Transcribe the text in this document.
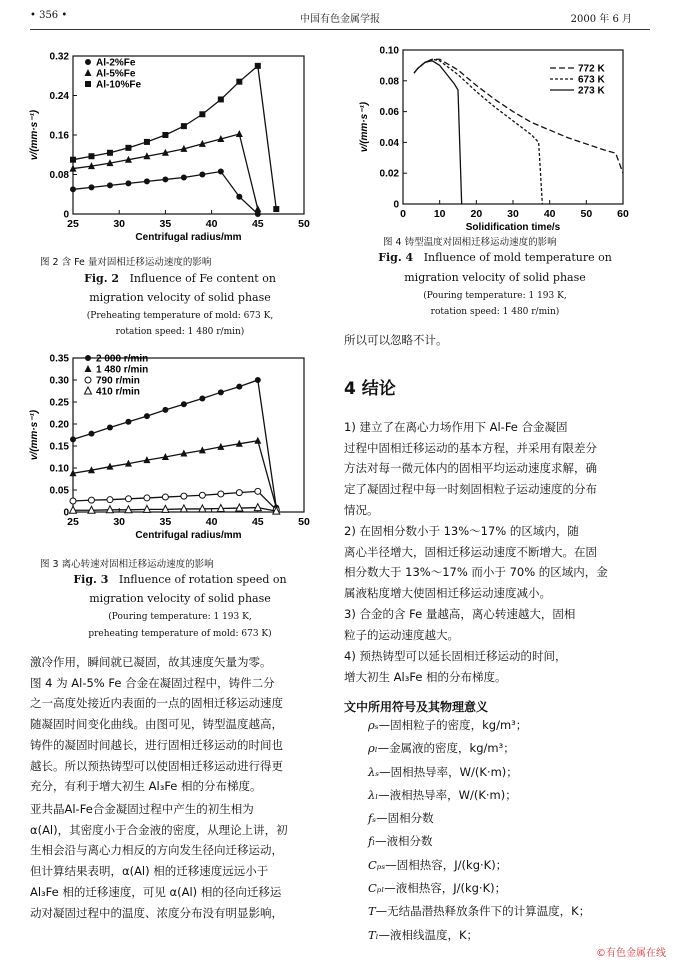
• 356 •	中国有色金属学报	2000 年 6 月
25	30	35	40	45	50
0
0.08
0.16
0.24
0.32
Centrifugal radius/mm
v/(mm·s⁻¹)
Al-2%Fe
Al-5%Fe
Al-10%Fe
图 2 含 Fe 量对固相迁移运动速度的影响
Fig. 2 Influence of Fe content on
migration velocity of solid phase
(Preheating temperature of mold: 673 K,
rotation speed: 1 480 r/min)
25	30	35	40	45	50
0
0.05
0.10
0.15
0.20
0.25
0.30
0.35
Centrifugal radius/mm
v/(mm·s⁻¹)
2 000 r/min
1 480 r/min
790 r/min
410 r/min
图 3 离心转速对固相迁移运动速度的影响
Fig. 3 Influence of rotation speed on
migration velocity of solid phase
(Pouring temperature: 1 193 K,
preheating temperature of mold: 673 K)
0	10 20 30 40 50 60
0
0.02
0.04
0.06
0.08
0.10
Solidification time/s
v/(mm·s⁻¹)
772 K
673 K
273 K
图 4 铸型温度对固相迁移运动速度的影响
Fig. 4 Influence of mold temperature on
migration velocity of solid phase
(Pouring temperature: 1 193 K,
rotation speed: 1 480 r/min)
激冷作用，瞬间就已凝固，故其速度矢量为零。
图 4 为 Al-5% Fe 合金在凝固过程中，铸件二分
之一高度处接近内表面的一点的固相迁移运动速度
随凝固时间变化曲线。由图可见，铸型温度越高，
铸件的凝固时间越长，进行固相迁移运动的时间也
越长。所以预热铸型可以使固相迁移运动进行得更
充分，有利于增大初生 Al₃Fe 相的分布梯度。
亚共晶Al-Fe合金凝固过程中产生的初生相为
α(Al)，其密度小于合金液的密度，从理论上讲，初
生相会沿与离心力相反的方向发生径向迁移运动，
但计算结果表明，α(Al) 相的迁移速度远远小于
Al₃Fe 相的迁移速度，可见 α(Al) 相的径向迁移运
动对凝固过程中的温度、浓度分布没有明显影响，
所以可以忽略不计。
4 结论
1) 建立了在离心力场作用下 Al-Fe 合金凝固
过程中固相迁移运动的基本方程，并采用有限差分
方法对每一微元体内的固相平均运动速度求解，确
定了凝固过程中每一时刻固相粒子运动速度的分布
情况。
2) 在固相分数小于 13%～17% 的区域内，随
离心半径增大，固相迁移运动速度不断增大。在固
相分数大于 13%～17% 而小于 70% 的区域内，金
属液粘度增大使固相迁移运动速度减小。
3) 合金的含 Fe 量越高，离心转速越大，固相
粒子的运动速度越大。
4) 预热铸型可以延长固相迁移运动的时间，
增大初生 Al₃Fe 相的分布梯度。
文中所用符号及其物理意义
ρₛ—固相粒子的密度，kg/m³；
ρₗ—金属液的密度，kg/m³；
λₛ—固相热导率，W/(K·m)；
λₗ—液相热导率，W/(K·m)；
fₛ—固相分数
fₗ—液相分数
Cₚₛ—固相热容，J/(kg·K)；
Cₚₗ—液相热容，J/(kg·K)；
T—无结晶潜热释放条件下的计算温度，K；
Tₗ—液相线温度，K；
©有色金属在线
